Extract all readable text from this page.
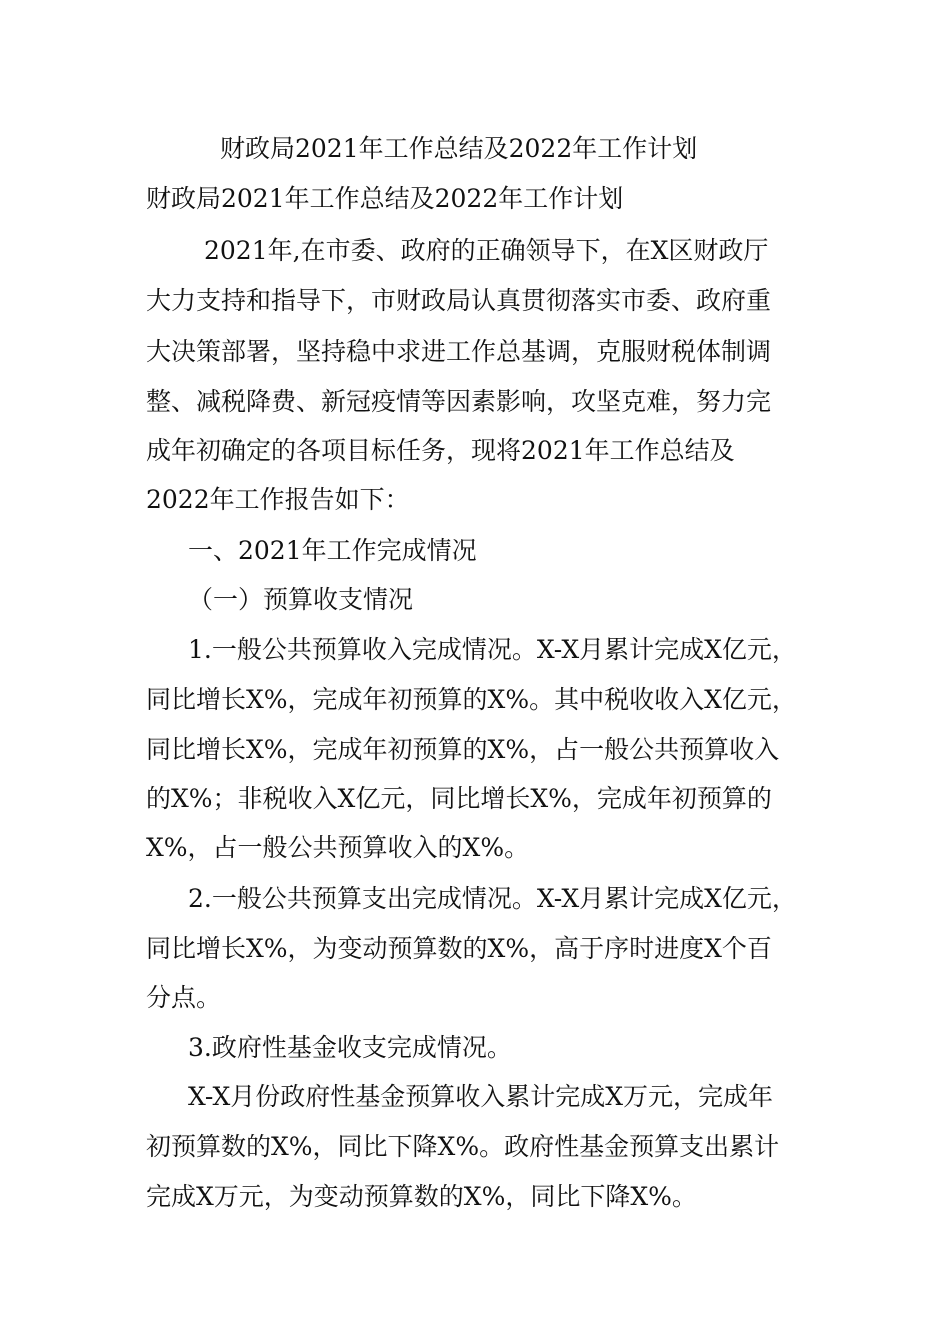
财政局2021年工作总结及2022年工作计划
财政局2021年工作总结及2022年工作计划
2021年,在市委、政府的正确领导下，在X区财政厅
大力支持和指导下，市财政局认真贯彻落实市委、政府重
大决策部署，坚持稳中求进工作总基调，克服财税体制调
整、减税降费、新冠疫情等因素影响，攻坚克难，努力完
成年初确定的各项目标任务，现将2021年工作总结及
2022年工作报告如下：
一、2021年工作完成情况
（一）预算收支情况
1.一般公共预算收入完成情况。X-X月累计完成X亿元，
同比增长X%，完成年初预算的X%。其中税收收入X亿元，
同比增长X%，完成年初预算的X%，占一般公共预算收入
的X%；非税收入X亿元，同比增长X%，完成年初预算的
X%，占一般公共预算收入的X%。
2.一般公共预算支出完成情况。X-X月累计完成X亿元，
同比增长X%，为变动预算数的X%，高于序时进度X个百
分点。
3.政府性基金收支完成情况。
X-X月份政府性基金预算收入累计完成X万元，完成年
初预算数的X%，同比下降X%。政府性基金预算支出累计
完成X万元，为变动预算数的X%，同比下降X%。
